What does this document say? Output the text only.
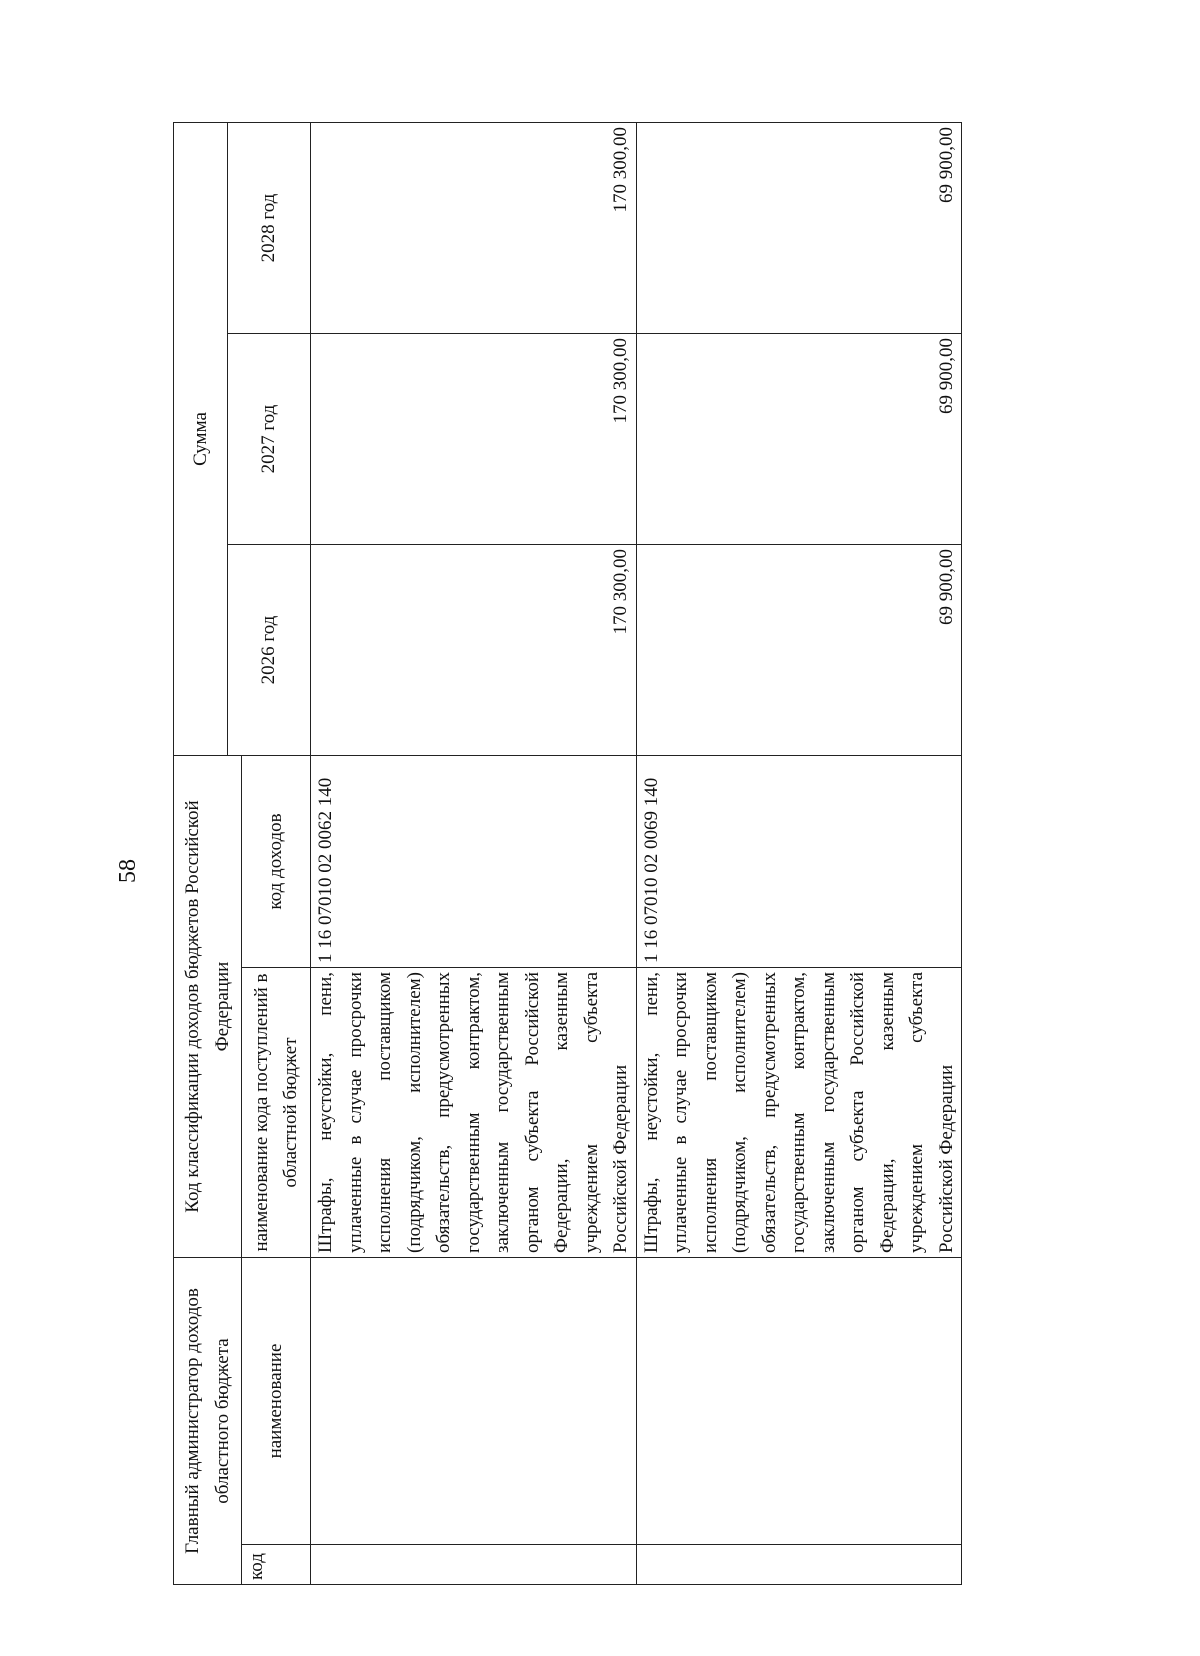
58
Главный администратор доходов областного бюджета		Код классификации доходов бюджетов Российской Федерации		Сумма		
				2026 год	2027 год	2028 год
код	наименование	наименование кода поступлений в областной бюджет	код доходов			
		Штрафы, неустойки, пени, уплаченные в случае просрочки исполнения поставщиком (подрядчиком, исполнителем) обязательств, предусмотренных государственным контрактом, заключенным государственным органом субъекта Российской Федерации, казенным учреждением субъекта Российской Федерации	1 16 07010 02 0062 140	170 300,00	170 300,00	170 300,00
		Штрафы, неустойки, пени, уплаченные в случае просрочки исполнения поставщиком (подрядчиком, исполнителем) обязательств, предусмотренных государственным контрактом, заключенным государственным органом субъекта Российской Федерации, казенным учреждением субъекта Российской Федерации	1 16 07010 02 0069 140	69 900,00	69 900,00	69 900,00
